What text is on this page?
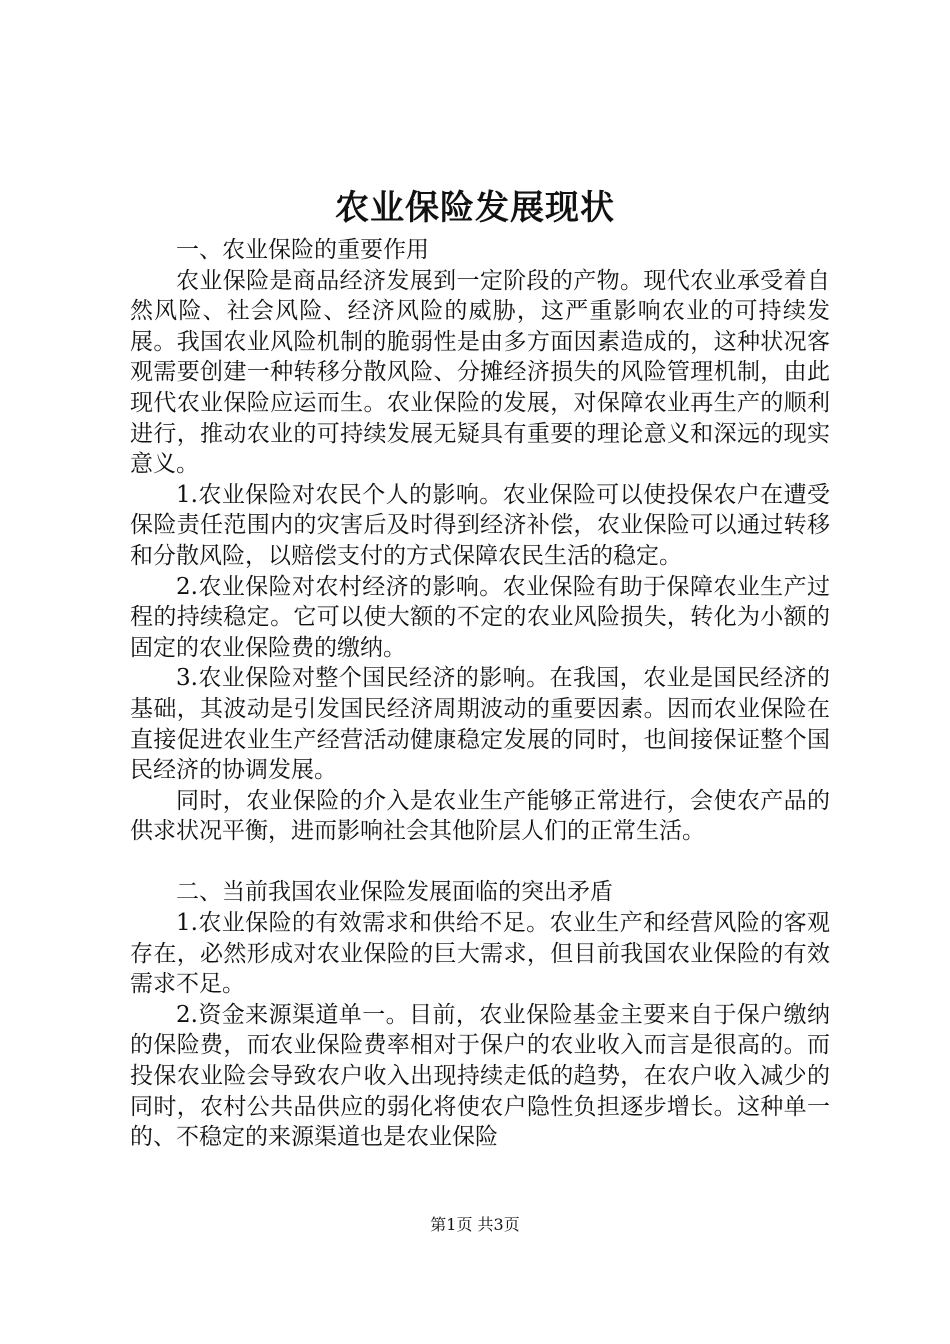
农业保险发展现状

一、农业保险的重要作用

农业保险是商品经济发展到一定阶段的产物。现代农业承受着自然风险、社会风险、经济风险的威胁，这严重影响农业的可持续发展。我国农业风险机制的脆弱性是由多方面因素造成的，这种状况客观需要创建一种转移分散风险、分摊经济损失的风险管理机制，由此现代农业保险应运而生。农业保险的发展，对保障农业再生产的顺利进行，推动农业的可持续发展无疑具有重要的理论意义和深远的现实意义。

1.农业保险对农民个人的影响。农业保险可以使投保农户在遭受保险责任范围内的灾害后及时得到经济补偿，农业保险可以通过转移和分散风险，以赔偿支付的方式保障农民生活的稳定。

2.农业保险对农村经济的影响。农业保险有助于保障农业生产过程的持续稳定。它可以使大额的不定的农业风险损失，转化为小额的固定的农业保险费的缴纳。

3.农业保险对整个国民经济的影响。在我国，农业是国民经济的基础，其波动是引发国民经济周期波动的重要因素。因而农业保险在直接促进农业生产经营活动健康稳定发展的同时，也间接保证整个国民经济的协调发展。

同时，农业保险的介入是农业生产能够正常进行，会使农产品的供求状况平衡，进而影响社会其他阶层人们的正常生活。

二、当前我国农业保险发展面临的突出矛盾

1.农业保险的有效需求和供给不足。农业生产和经营风险的客观存在，必然形成对农业保险的巨大需求，但目前我国农业保险的有效需求不足。

2.资金来源渠道单一。目前，农业保险基金主要来自于保户缴纳的保险费，而农业保险费率相对于保户的农业收入而言是很高的。而投保农业险会导致农户收入出现持续走低的趋势，在农户收入减少的同时，农村公共品供应的弱化将使农户隐性负担逐步增长。这种单一的、不稳定的来源渠道也是农业保险

第1页 共3页
